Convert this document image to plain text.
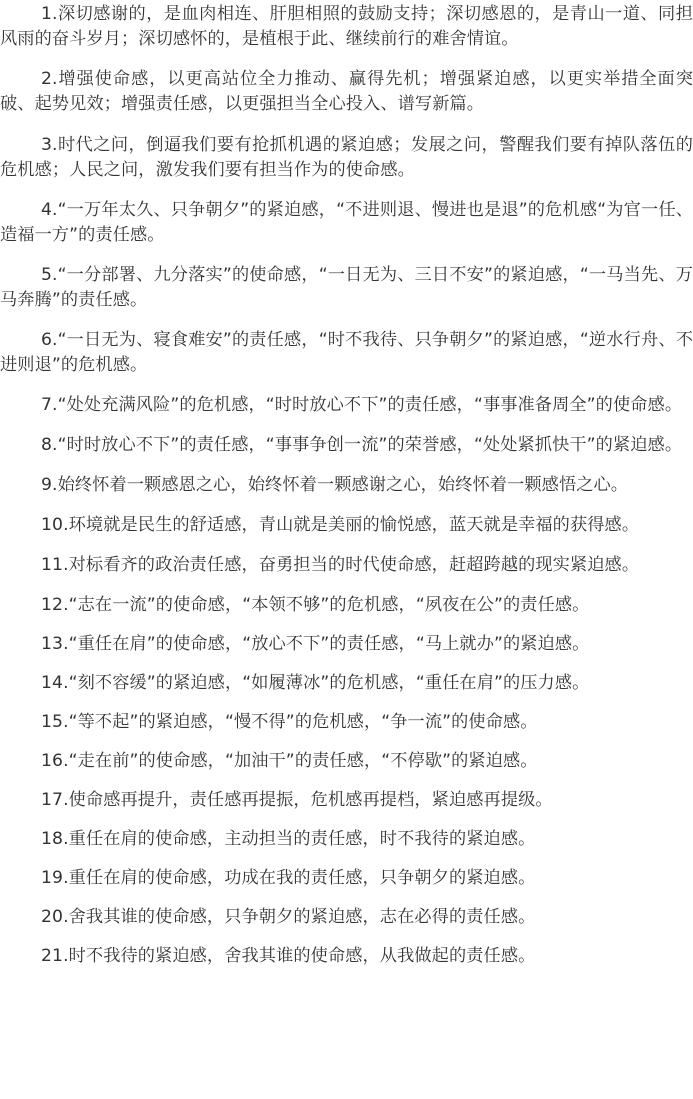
1.深切感谢的，是血肉相连、肝胆相照的鼓励支持；深切感恩的，是青山一道、同担风雨的奋斗岁月；深切感怀的，是植根于此、继续前行的难舍情谊。

2.增强使命感，以更高站位全力推动、赢得先机；增强紧迫感，以更实举措全面突破、起势见效；增强责任感，以更强担当全心投入、谱写新篇。

3.时代之问，倒逼我们要有抢抓机遇的紧迫感；发展之问，警醒我们要有掉队落伍的危机感；人民之问，激发我们要有担当作为的使命感。

4.“一万年太久、只争朝夕”的紧迫感，“不进则退、慢进也是退”的危机感“为官一任、造福一方”的责任感。

5.“一分部署、九分落实”的使命感，“一日无为、三日不安”的紧迫感，“一马当先、万马奔腾”的责任感。

6.“一日无为、寝食难安”的责任感，“时不我待、只争朝夕”的紧迫感，“逆水行舟、不进则退”的危机感。

7.“处处充满风险”的危机感，“时时放心不下”的责任感，“事事准备周全”的使命感。

8.“时时放心不下”的责任感，“事事争创一流”的荣誉感，“处处紧抓快干”的紧迫感。

9.始终怀着一颗感恩之心，始终怀着一颗感谢之心，始终怀着一颗感悟之心。

10.环境就是民生的舒适感，青山就是美丽的愉悦感，蓝天就是幸福的获得感。

11.对标看齐的政治责任感，奋勇担当的时代使命感，赶超跨越的现实紧迫感。

12.“志在一流”的使命感，“本领不够”的危机感，“夙夜在公”的责任感。

13.“重任在肩”的使命感，“放心不下”的责任感，“马上就办”的紧迫感。

14.“刻不容缓”的紧迫感，“如履薄冰”的危机感，“重任在肩”的压力感。

15.“等不起”的紧迫感，“慢不得”的危机感，“争一流”的使命感。

16.“走在前”的使命感，“加油干”的责任感，“不停歇”的紧迫感。

17.使命感再提升，责任感再提振，危机感再提档，紧迫感再提级。

18.重任在肩的使命感，主动担当的责任感，时不我待的紧迫感。

19.重任在肩的使命感，功成在我的责任感，只争朝夕的紧迫感。

20.舍我其谁的使命感，只争朝夕的紧迫感，志在必得的责任感。

21.时不我待的紧迫感，舍我其谁的使命感，从我做起的责任感。
